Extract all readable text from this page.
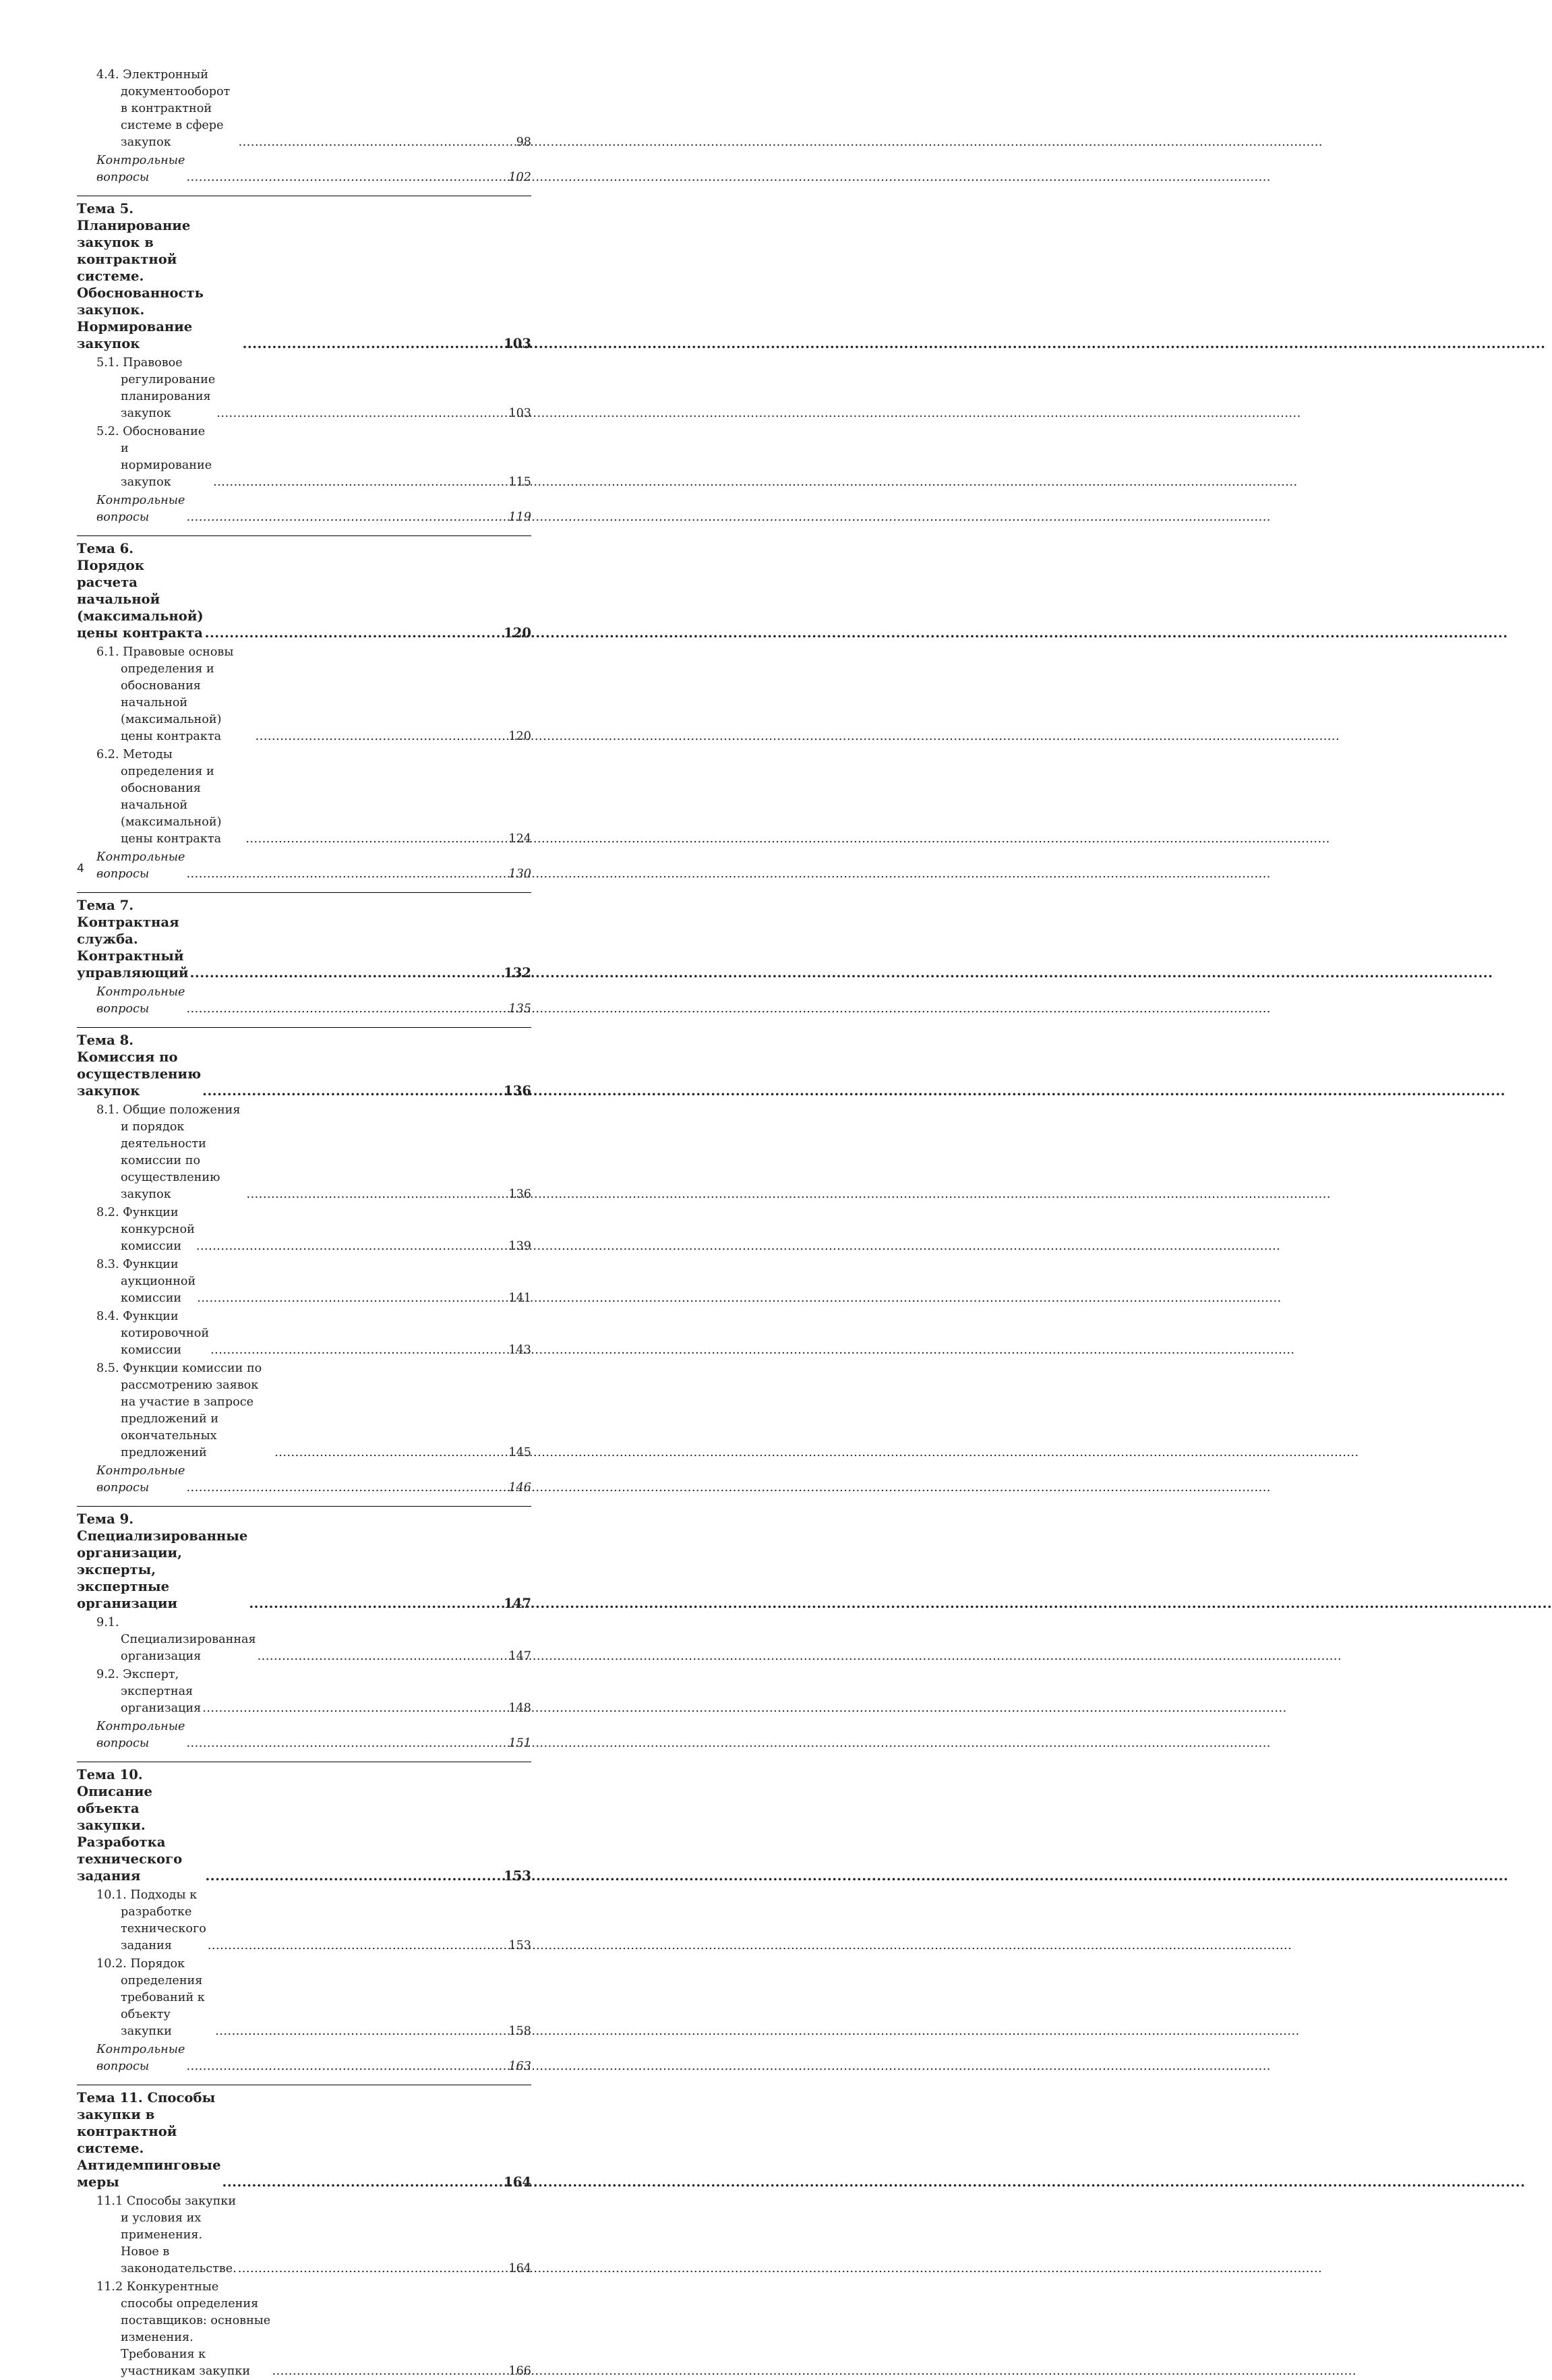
4.4. Электронный документооборот в контрактной системе в сфере закупок .....	98
Контрольные вопросы .....	102
Тема 5. Планирование закупок в контрактной системе. Обоснованность закупок. Нормирование закупок .....	103
5.1. Правовое регулирование планирования закупок .....	103
5.2. Обоснование и нормирование закупок .....	115
Контрольные вопросы .....	119
Тема 6. Порядок расчета начальной (максимальной) цены контракта .....	120
6.1. Правовые основы определения и обоснования начальной (максимальной) цены контракта .....	120
6.2. Методы определения и обоснования начальной (максимальной) цены контракта .....	124
Контрольные вопросы .....	130
Тема 7. Контрактная служба. Контрактный управляющий .....	132
Контрольные вопросы .....	135
Тема 8. Комиссия по осуществлению закупок .....	136
8.1. Общие положения и порядок деятельности комиссии по осуществлению закупок .....	136
8.2. Функции конкурсной комиссии .....	139
8.3. Функции аукционной комиссии .....	141
8.4. Функции котировочной комиссии .....	143
8.5. Функции комиссии по рассмотрению заявок на участие в запросе предложений и окончательных предложений .....	145
Контрольные вопросы .....	146
Тема 9. Специализированные организации, эксперты, экспертные организации .....	147
9.1. Специализированная организация .....	147
9.2. Эксперт, экспертная организация .....	148
Контрольные вопросы .....	151
Тема 10. Описание объекта закупки. Разработка технического задания .....	153
10.1. Подходы к разработке технического задания .....	153
10.2. Порядок определения требований к объекту закупки .....	158
Контрольные вопросы .....	163
Тема 11. Способы закупки в контрактной системе. Антидемпинговые меры .....	164
11.1 Способы закупки и условия их применения. Новое в законодательстве. .....	164
11.2 Конкурентные способы определения поставщиков: основные изменения. Требования к участникам закупки .....	166
4
